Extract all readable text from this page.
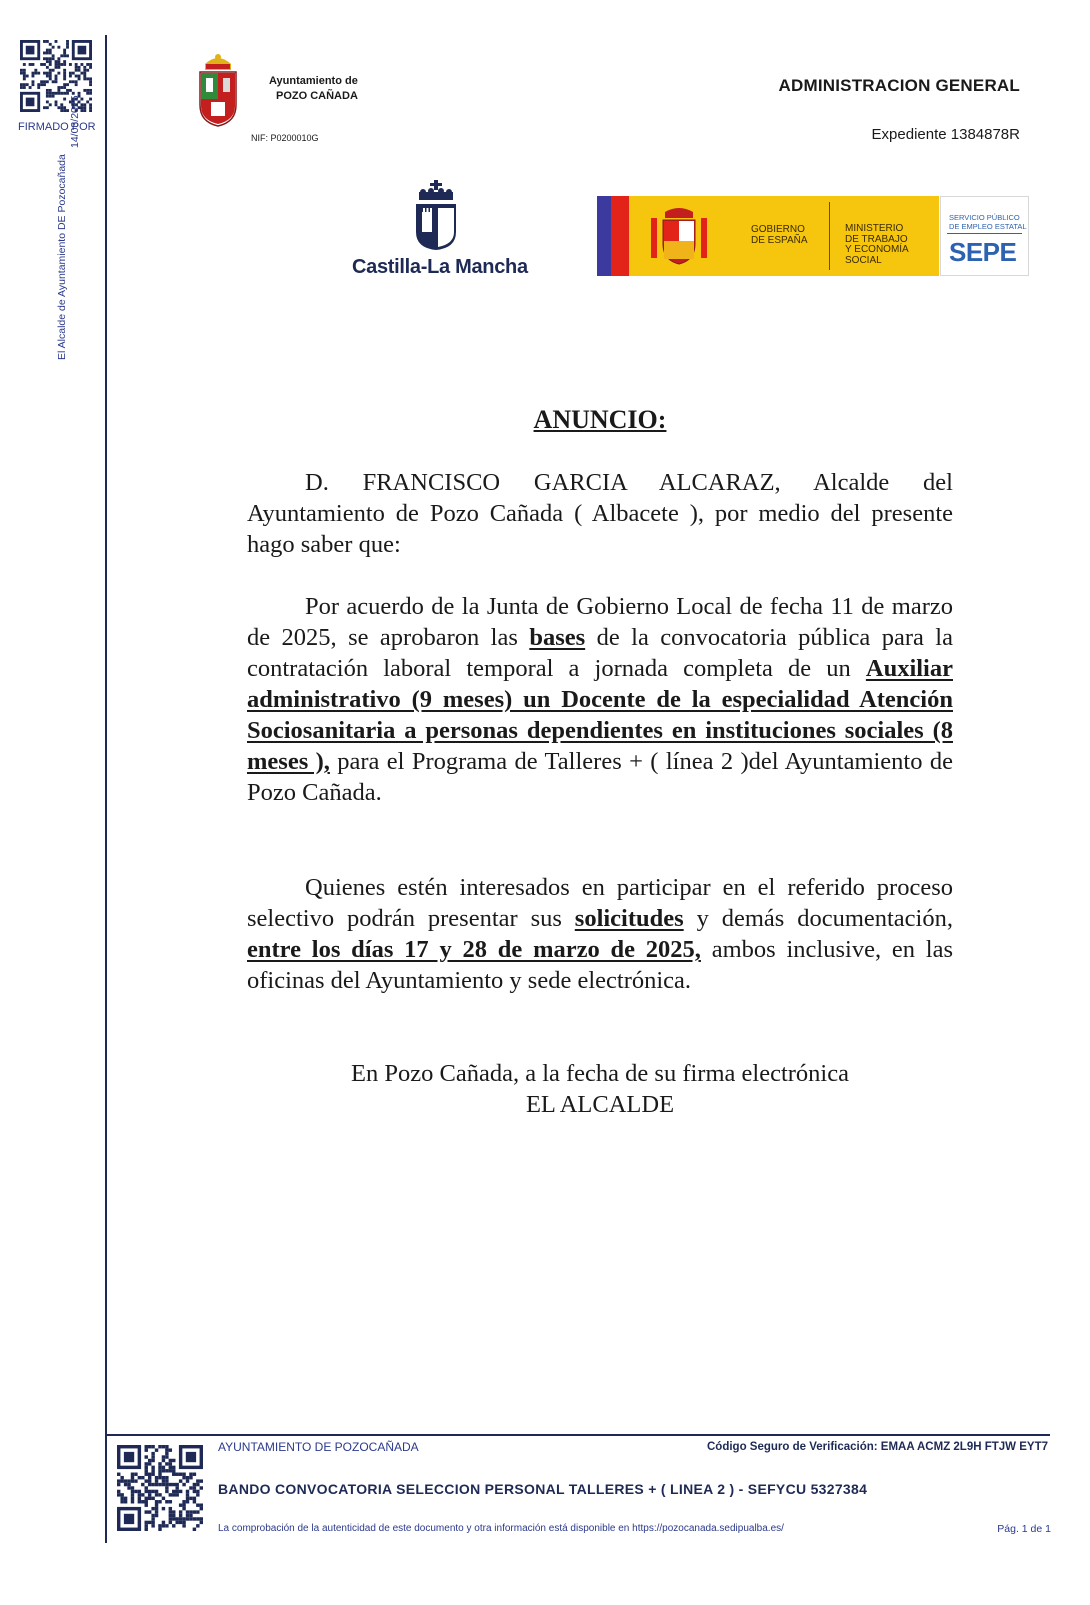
FIRMADO POR
El Alcalde de Ayuntamiento DE Pozocañada
14/03/2025
Ayuntamiento de
POZO CAÑADA
NIF: P0200010G
ADMINISTRACION GENERAL
Expediente 1384878R
Castilla-La Mancha
GOBIERNO
DE ESPAÑA
MINISTERIO
DE TRABAJO
Y ECONOMÍA SOCIAL
SERVICIO PÚBLICO
DE EMPLEO ESTATAL
SEPE
ANUNCIO:
D. FRANCISCO GARCIA ALCARAZ, Alcalde del Ayuntamiento de Pozo Cañada ( Albacete ), por medio del presente hago saber que:
Por acuerdo de la Junta de Gobierno Local de fecha 11 de marzo de 2025, se aprobaron las bases de la convocatoria pública para la contratación laboral temporal a jornada completa de un Auxiliar administrativo (9 meses) un Docente de la especialidad Atención Sociosanitaria a personas dependientes en instituciones sociales (8 meses ), para el Programa de Talleres + ( línea 2 )del Ayuntamiento de Pozo Cañada.
Quienes estén interesados en participar en el referido proceso selectivo podrán presentar sus solicitudes y demás documentación, entre los días 17 y 28 de marzo de 2025, ambos inclusive, en las oficinas del Ayuntamiento y sede electrónica.
En Pozo Cañada, a la fecha de su firma electrónica
EL ALCALDE
AYUNTAMIENTO DE POZOCAÑADA	Código Seguro de Verificación: EMAA ACMZ 2L9H FTJW EYT7
BANDO CONVOCATORIA SELECCION PERSONAL TALLERES + ( LINEA 2 ) - SEFYCU 5327384
La comprobación de la autenticidad de este documento y otra información está disponible en https://pozocanada.sedipualba.es/	Pág. 1 de 1
